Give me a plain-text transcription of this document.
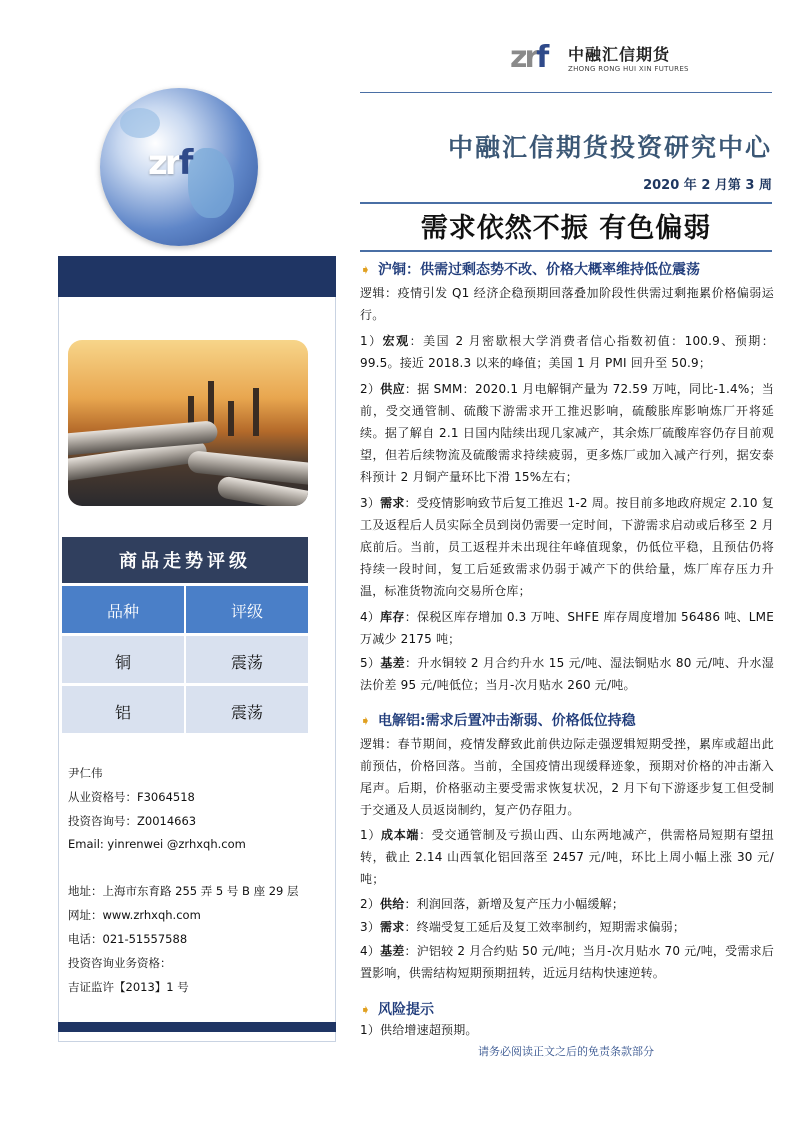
zrf 中融汇信期货
ZHONG RONG HUI XIN FUTURES
中融汇信期货投资研究中心
2020 年 2 月第 3 周
需求依然不振 有色偏弱
zrf
商品走势评级
品种	评级
铜	震荡
铝	震荡
尹仁伟
从业资格号：F3064518
投资咨询号：Z0014663
Email: yinrenwei @zrhxqh.com
地址：上海市东育路 255 弄 5 号 B 座 29 层
网址：www.zrhxqh.com
电话：021-51557588
投资咨询业务资格：
吉证监许【2013】1 号
➧ 沪铜：供需过剩态势不改、价格大概率维持低位震荡
逻辑：疫情引发 Q1 经济企稳预期回落叠加阶段性供需过剩拖累价格偏弱运行。
1）宏观：美国 2 月密歇根大学消费者信心指数初值：100.9、预期：99.5。接近 2018.3 以来的峰值；美国 1 月 PMI 回升至 50.9；
2）供应：据 SMM：2020.1 月电解铜产量为 72.59 万吨，同比-1.4%；当前，受交通管制、硫酸下游需求开工推迟影响，硫酸胀库影响炼厂开将延续。据了解自 2.1 日国内陆续出现几家减产，其余炼厂硫酸库容仍存目前观望，但若后续物流及硫酸需求持续疲弱，更多炼厂或加入减产行列，据安泰科预计 2 月铜产量环比下滑 15%左右；
3）需求：受疫情影响致节后复工推迟 1-2 周。按目前多地政府规定 2.10 复工及返程后人员实际全员到岗仍需要一定时间，下游需求启动或后移至 2 月底前后。当前，员工返程并未出现往年峰值现象，仍低位平稳，且预估仍将持续一段时间，复工后延致需求仍弱于减产下的供给量，炼厂库存压力升温，标准货物流向交易所仓库；
4）库存：保税区库存增加 0.3 万吨、SHFE 库存周度增加 56486 吨、LME 万减少 2175 吨；
5）基差：升水铜较 2 月合约升水 15 元/吨、湿法铜贴水 80 元/吨、升水湿法价差 95 元/吨低位；当月-次月贴水 260 元/吨。
➧ 电解铝:需求后置冲击渐弱、价格低位持稳
逻辑：春节期间，疫情发酵致此前供边际走强逻辑短期受挫，累库或超出此前预估，价格回落。当前，全国疫情出现缓释迹象，预期对价格的冲击渐入尾声。后期，价格驱动主要受需求恢复状况，2 月下旬下游逐步复工但受制于交通及人员返岗制约，复产仍存阻力。
1）成本端：受交通管制及亏损山西、山东两地减产，供需格局短期有望扭转，截止 2.14 山西氧化铝回落至 2457 元/吨，环比上周小幅上涨 30 元/吨；
2）供给：利润回落，新增及复产压力小幅缓解；
3）需求：终端受复工延后及复工效率制约，短期需求偏弱；
4）基差：沪铝较 2 月合约贴 50 元/吨；当月-次月贴水 70 元/吨，受需求后置影响，供需结构短期预期扭转，近远月结构快速逆转。
➧ 风险提示
1）供给增速超预期。
请务必阅读正文之后的免责条款部分
